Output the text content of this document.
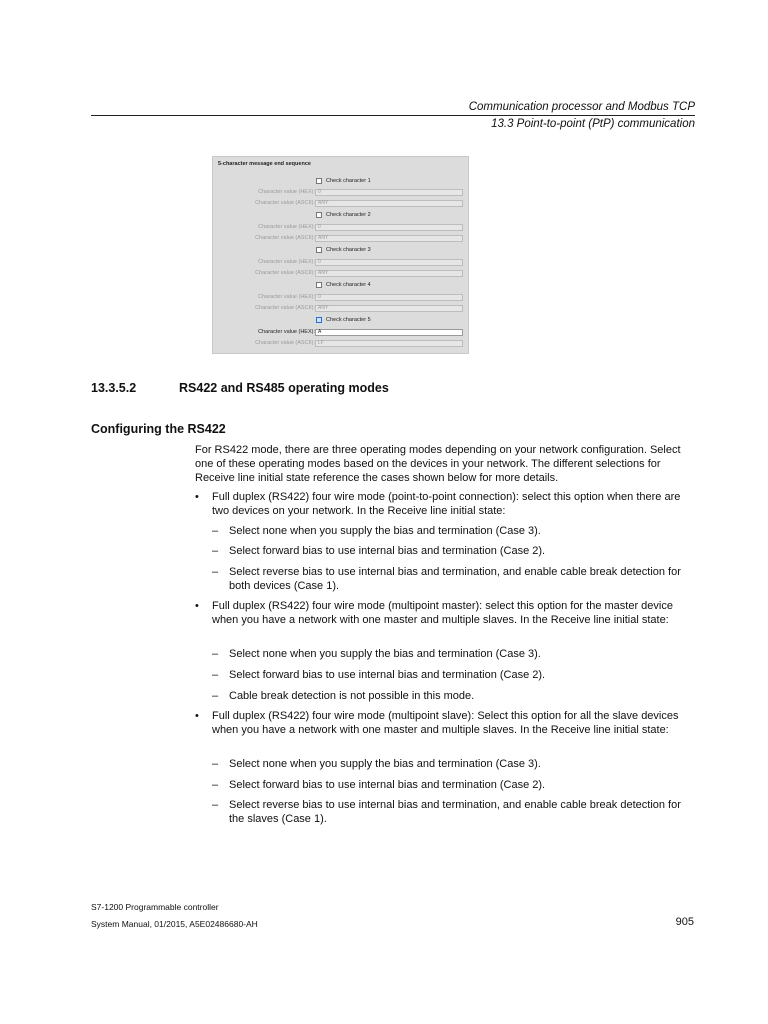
Communication processor and Modbus TCP
13.3 Point-to-point (PtP) communication
5-character message end sequence
Check character 1
Character value (HEX): 0
Character value (ASCII): ANY
Check character 2
Character value (HEX): 0
Character value (ASCII): ANY
Check character 3
Character value (HEX): 0
Character value (ASCII): ANY
Check character 4
Character value (HEX): 0
Character value (ASCII): ANY
Check character 5
Character value (HEX): A
Character value (ASCII): LF
13.3.5.2	RS422 and RS485 operating modes
Configuring the RS422

For RS422 mode, there are three operating modes depending on your network configuration. Select one of these operating modes based on the devices in your network. The different selections for Receive line initial state reference the cases shown below for more details.

• Full duplex (RS422) four wire mode (point-to-point connection): select this option when there are two devices on your network. In the Receive line initial state:
– Select none when you supply the bias and termination (Case 3).
– Select forward bias to use internal bias and termination (Case 2).
– Select reverse bias to use internal bias and termination, and enable cable break detection for both devices (Case 1).
• Full duplex (RS422) four wire mode (multipoint master): select this option for the master device when you have a network with one master and multiple slaves. In the Receive line initial state:
– Select none when you supply the bias and termination (Case 3).
– Select forward bias to use internal bias and termination (Case 2).
– Cable break detection is not possible in this mode.
• Full duplex (RS422) four wire mode (multipoint slave): Select this option for all the slave devices when you have a network with one master and multiple slaves. In the Receive line initial state:
– Select none when you supply the bias and termination (Case 3).
– Select forward bias to use internal bias and termination (Case 2).
– Select reverse bias to use internal bias and termination, and enable cable break detection for the slaves (Case 1).
S7-1200 Programmable controller
System Manual, 01/2015, A5E02486680-AH	905
